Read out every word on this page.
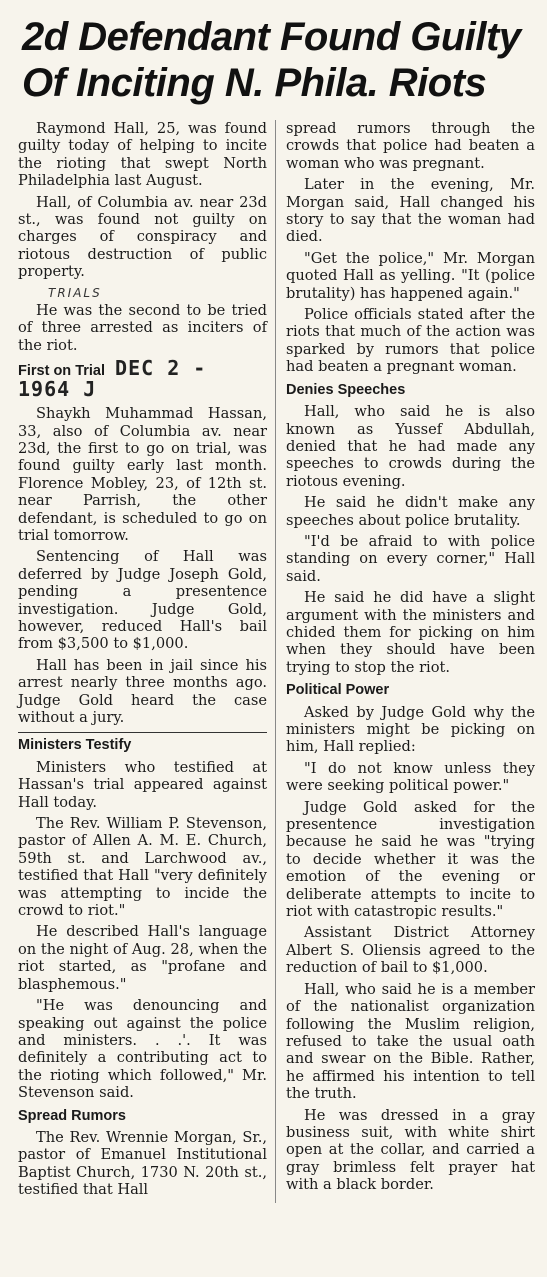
2d Defendant Found Guilty
Of Inciting N. Phila. Riots

Raymond Hall, 25, was found guilty today of helping to incite the rioting that swept North Philadelphia last August.

Hall, of Columbia av. near 23d st., was found not guilty on charges of conspiracy and riotous destruction of public property.

TRIALS

He was the second to be tried of three arrested as inciters of the riot.

First on Trial DEC 2 - 1964 J

Shaykh Muhammad Hassan, 33, also of Columbia av. near 23d, the first to go on trial, was found guilty early last month. Florence Mobley, 23, of 12th st. near Parrish, the other defendant, is scheduled to go on trial tomorrow.

Sentencing of Hall was deferred by Judge Joseph Gold, pending a presentence investigation. Judge Gold, however, reduced Hall's bail from $3,500 to $1,000.

Hall has been in jail since his arrest nearly three months ago. Judge Gold heard the case without a jury.

Ministers Testify

Ministers who testified at Hassan's trial appeared against Hall today.

The Rev. William P. Stevenson, pastor of Allen A. M. E. Church, 59th st. and Larchwood av., testified that Hall "very definitely was attempting to incide the crowd to riot."

He described Hall's language on the night of Aug. 28, when the riot started, as "profane and blasphemous."

"He was denouncing and speaking out against the police and ministers. . .'. It was definitely a contributing act to the rioting which followed," Mr. Stevenson said.

Spread Rumors

The Rev. Wrennie Morgan, Sr., pastor of Emanuel Institutional Baptist Church, 1730 N. 20th st., testified that Hall

spread rumors through the crowds that police had beaten a woman who was pregnant.

Later in the evening, Mr. Morgan said, Hall changed his story to say that the woman had died.

"Get the police," Mr. Morgan quoted Hall as yelling. "It (police brutality) has happened again."

Police officials stated after the riots that much of the action was sparked by rumors that police had beaten a pregnant woman.

Denies Speeches

Hall, who said he is also known as Yussef Abdullah, denied that he had made any speeches to crowds during the riotous evening.

He said he didn't make any speeches about police brutality.

"I'd be afraid to with police standing on every corner," Hall said.

He said he did have a slight argument with the ministers and chided them for picking on him when they should have been trying to stop the riot.

Political Power

Asked by Judge Gold why the ministers might be picking on him, Hall replied:

"I do not know unless they were seeking political power."

Judge Gold asked for the presentence investigation because he said he was "trying to decide whether it was the emotion of the evening or deliberate attempts to incite to riot with catastropic results."

Assistant District Attorney Albert S. Oliensis agreed to the reduction of bail to $1,000.

Hall, who said he is a member of the nationalist organization following the Muslim religion, refused to take the usual oath and swear on the Bible. Rather, he affirmed his intention to tell the truth.

He was dressed in a gray business suit, with white shirt open at the collar, and carried a gray brimless felt prayer hat with a black border.
